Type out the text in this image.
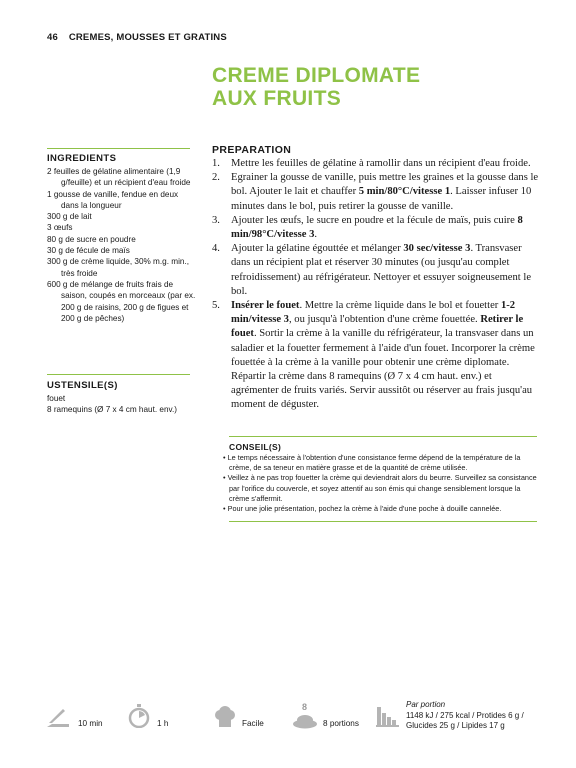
46 CREMES, MOUSSES ET GRATINS
CREME DIPLOMATE
AUX FRUITS
INGREDIENTS
2 feuilles de gélatine alimentaire (1,9 g/feuille) et un récipient d'eau froide
1 gousse de vanille, fendue en deux dans la longueur
300 g de lait
3 œufs
80 g de sucre en poudre
30 g de fécule de maïs
300 g de crème liquide, 30% m.g. min., très froide
600 g de mélange de fruits frais de saison, coupés en morceaux (par ex. 200 g de raisins, 200 g de figues et 200 g de pêches)
USTENSILE(S)
fouet
8 ramequins (Ø 7 x 4 cm haut. env.)
PREPARATION
1.	Mettre les feuilles de gélatine à ramollir dans un récipient d'eau froide.
2.	Egrainer la gousse de vanille, puis mettre les graines et la gousse dans le bol. Ajouter le lait et chauffer 5 min/80°C/vitesse 1. Laisser infuser 10 minutes dans le bol, puis retirer la gousse de vanille.
3.	Ajouter les œufs, le sucre en poudre et la fécule de maïs, puis cuire 8 min/98°C/vitesse 3.
4.	Ajouter la gélatine égouttée et mélanger 30 sec/vitesse 3. Transvaser dans un récipient plat et réserver 30 minutes (ou jusqu'au complet refroidissement) au réfrigérateur. Nettoyer et essuyer soigneusement le bol.
5.	Insérer le fouet. Mettre la crème liquide dans le bol et fouetter 1-2 min/vitesse 3, ou jusqu'à l'obtention d'une crème fouettée. Retirer le fouet. Sortir la crème à la vanille du réfrigérateur, la transvaser dans un saladier et la fouetter fermement à l'aide d'un fouet. Incorporer la crème fouettée à la crème à la vanille pour obtenir une crème diplomate. Répartir la crème dans 8 ramequins (Ø 7 x 4 cm haut. env.) et agrémenter de fruits variés. Servir aussitôt ou réserver au frais jusqu'au moment de déguster.
CONSEIL(S)
• Le temps nécessaire à l'obtention d'une consistance ferme dépend de la température de la crème, de sa teneur en matière grasse et de la quantité de crème utilisée.
• Veillez à ne pas trop fouetter la crème qui deviendrait alors du beurre. Surveillez sa consistance par l'orifice du couvercle, et soyez attentif au son émis qui change sensiblement lorsque la crème s'affermit.
• Pour une jolie présentation, pochez la crème à l'aide d'une poche à douille cannelée.
10 min	1 h	Facile
8
8 portions
Par portion
1148 kJ / 275 kcal / Protides 6 g /
Glucides 25 g / Lipides 17 g
